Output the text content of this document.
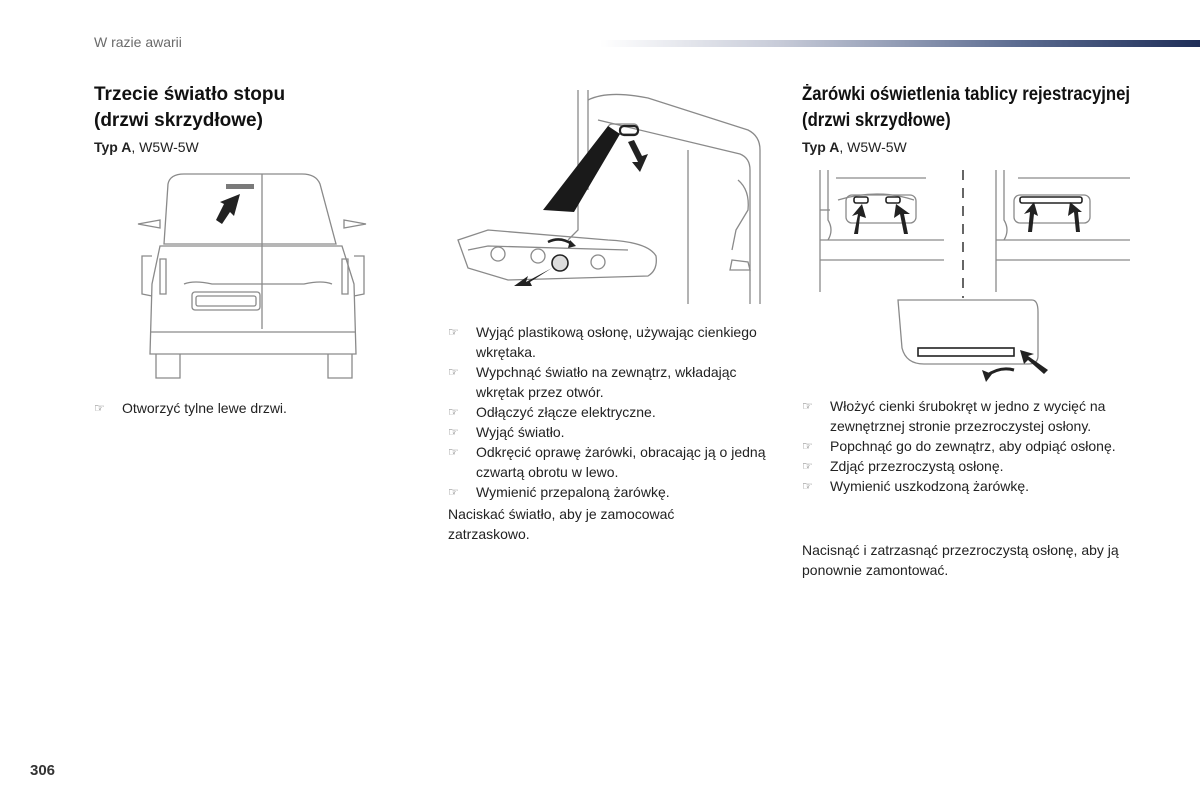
W razie awarii
Trzecie światło stopu
(drzwi skrzydłowe)
Typ A, W5W-5W
☞ Otworzyć tylne lewe drzwi.
☞ Wyjąć plastikową osłonę, używając cienkiego wkrętaka.
☞ Wypchnąć światło na zewnątrz, wkładając wkrętak przez otwór.
☞ Odłączyć złącze elektryczne.
☞ Wyjąć światło.
☞ Odkręcić oprawę żarówki, obracając ją o jedną czwartą obrotu w lewo.
☞ Wymienić przepaloną żarówkę.
Naciskać światło, aby je zamocować zatrzaskowo.
Żarówki oświetlenia tablicy rejestracyjnej
(drzwi skrzydłowe)
Typ A, W5W-5W
☞ Włożyć cienki śrubokręt w jedno z wycięć na zewnętrznej stronie przezroczystej osłony.
☞ Popchnąć go do zewnątrz, aby odpiąć osłonę.
☞ Zdjąć przezroczystą osłonę.
☞ Wymienić uszkodzoną żarówkę.
Nacisnąć i zatrzasnąć przezroczystą osłonę, aby ją ponownie zamontować.
306
